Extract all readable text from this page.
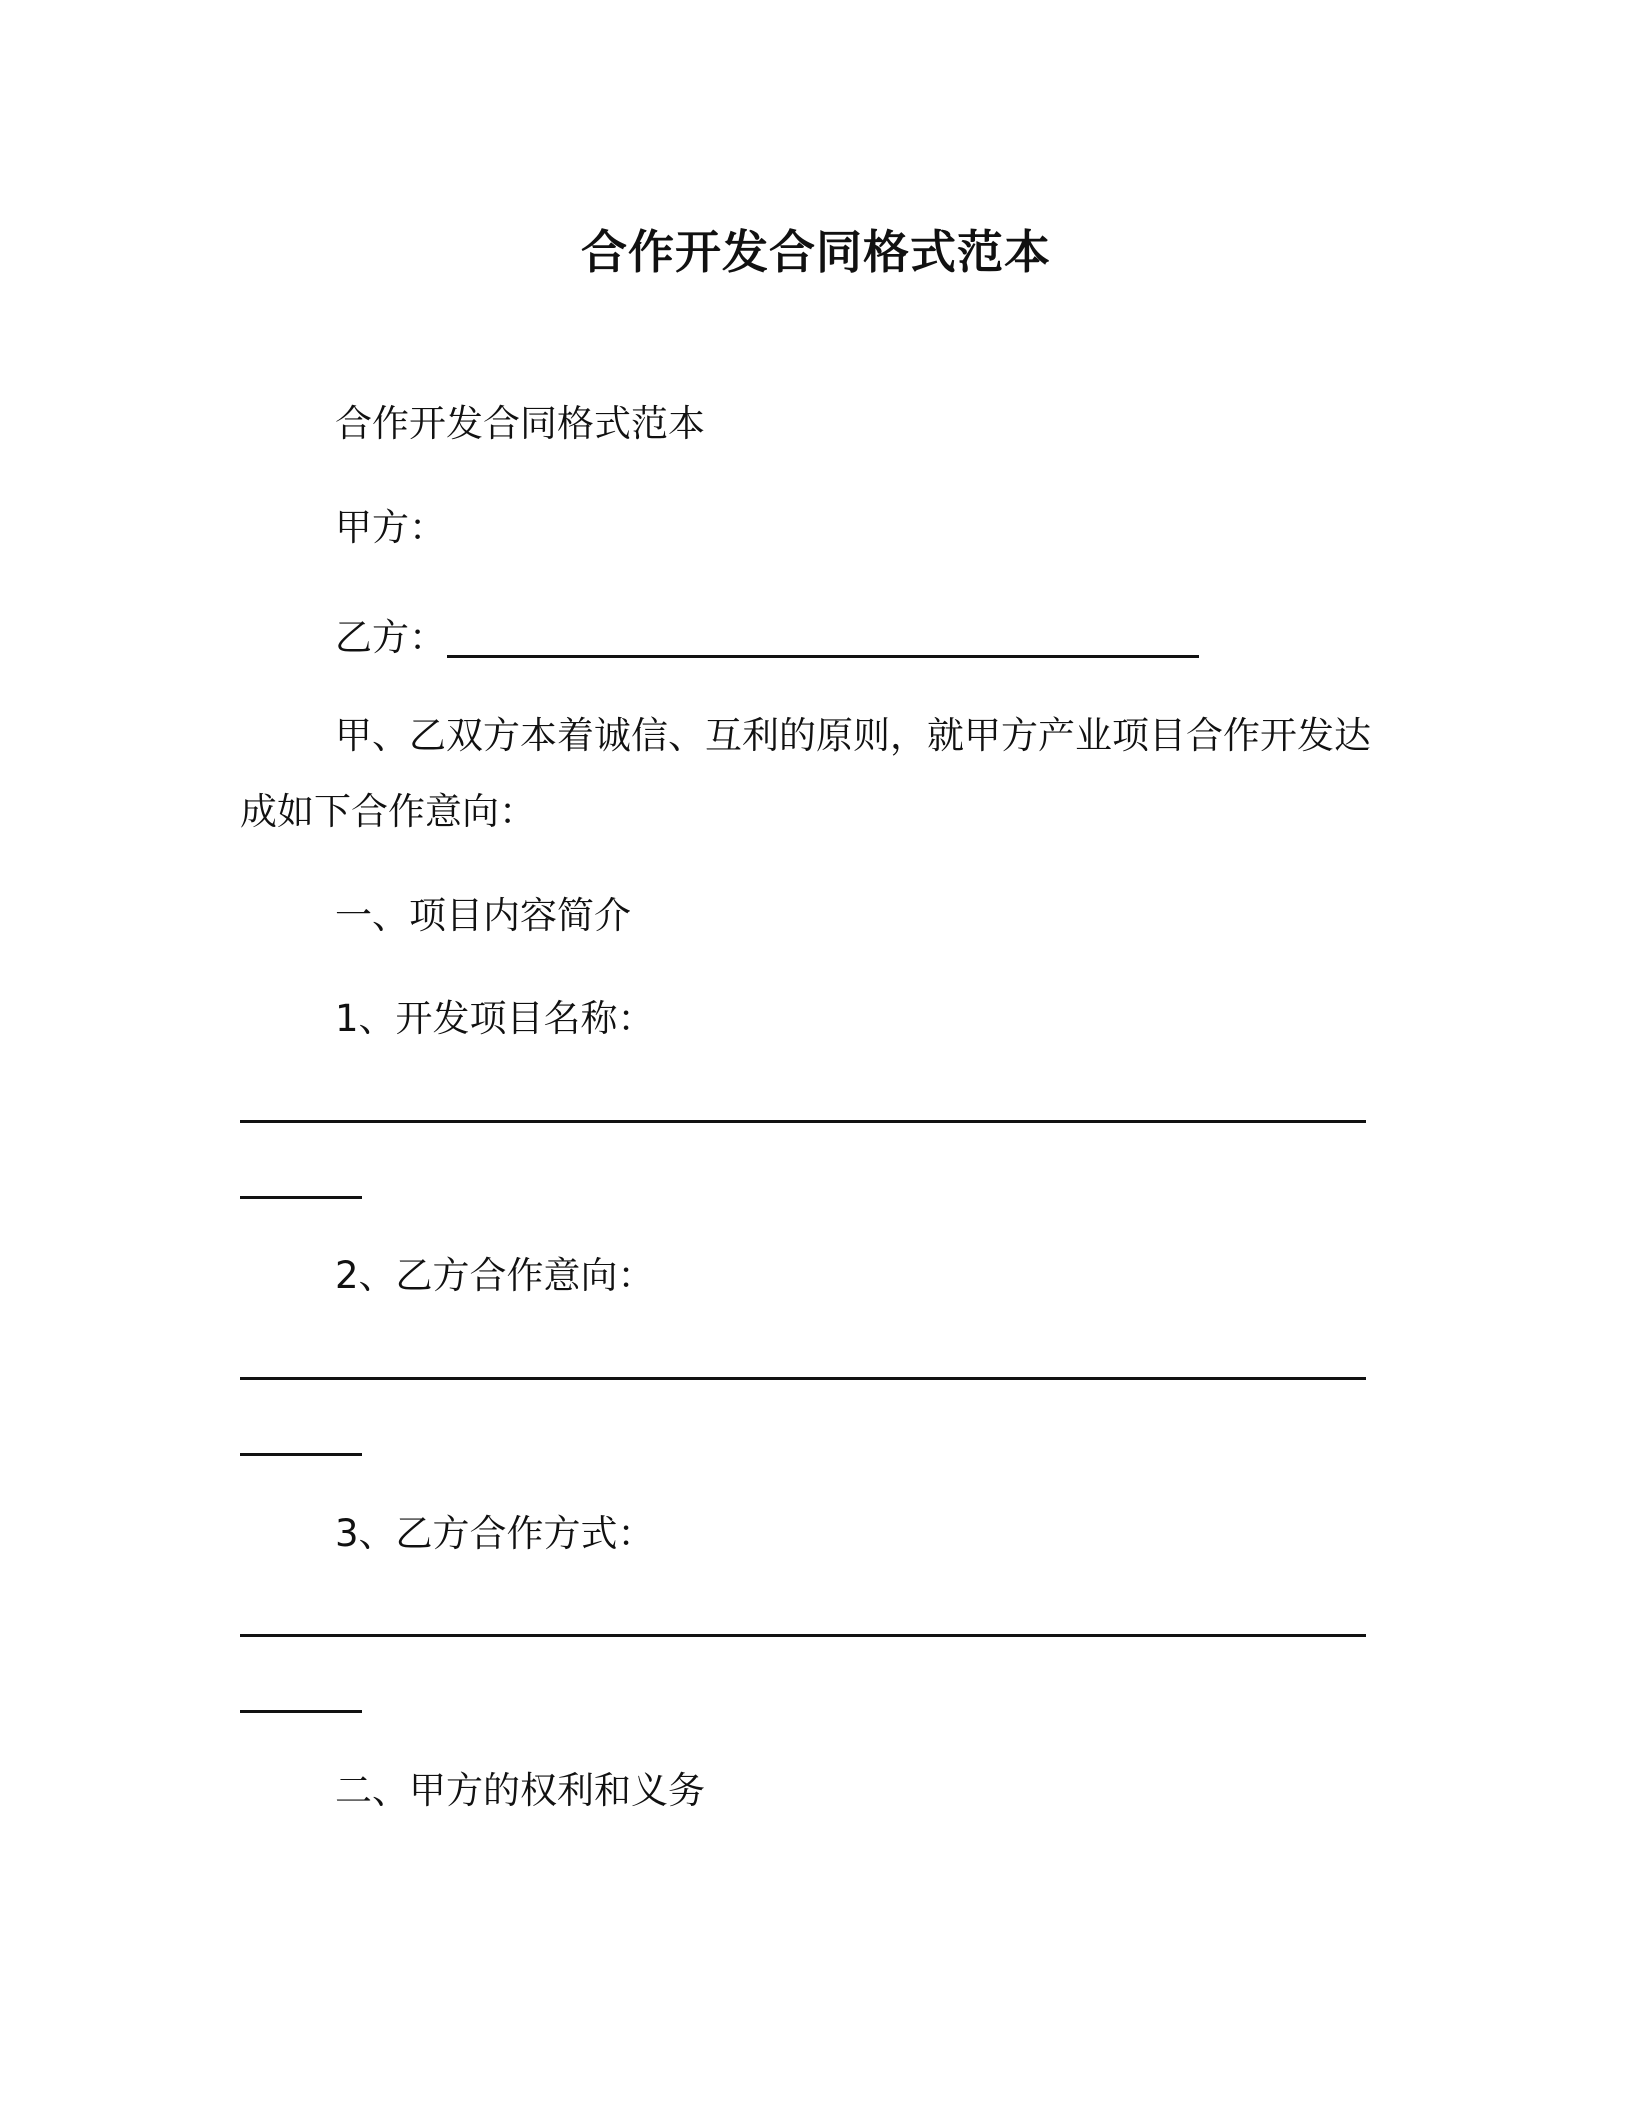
合作开发合同格式范本
合作开发合同格式范本
甲方：
乙方：
甲、乙双方本着诚信、互利的原则，就甲方产业项目合作开发达
成如下合作意向：
一、项目内容简介
1、开发项目名称：
2、乙方合作意向：
3、乙方合作方式：
二、甲方的权利和义务
